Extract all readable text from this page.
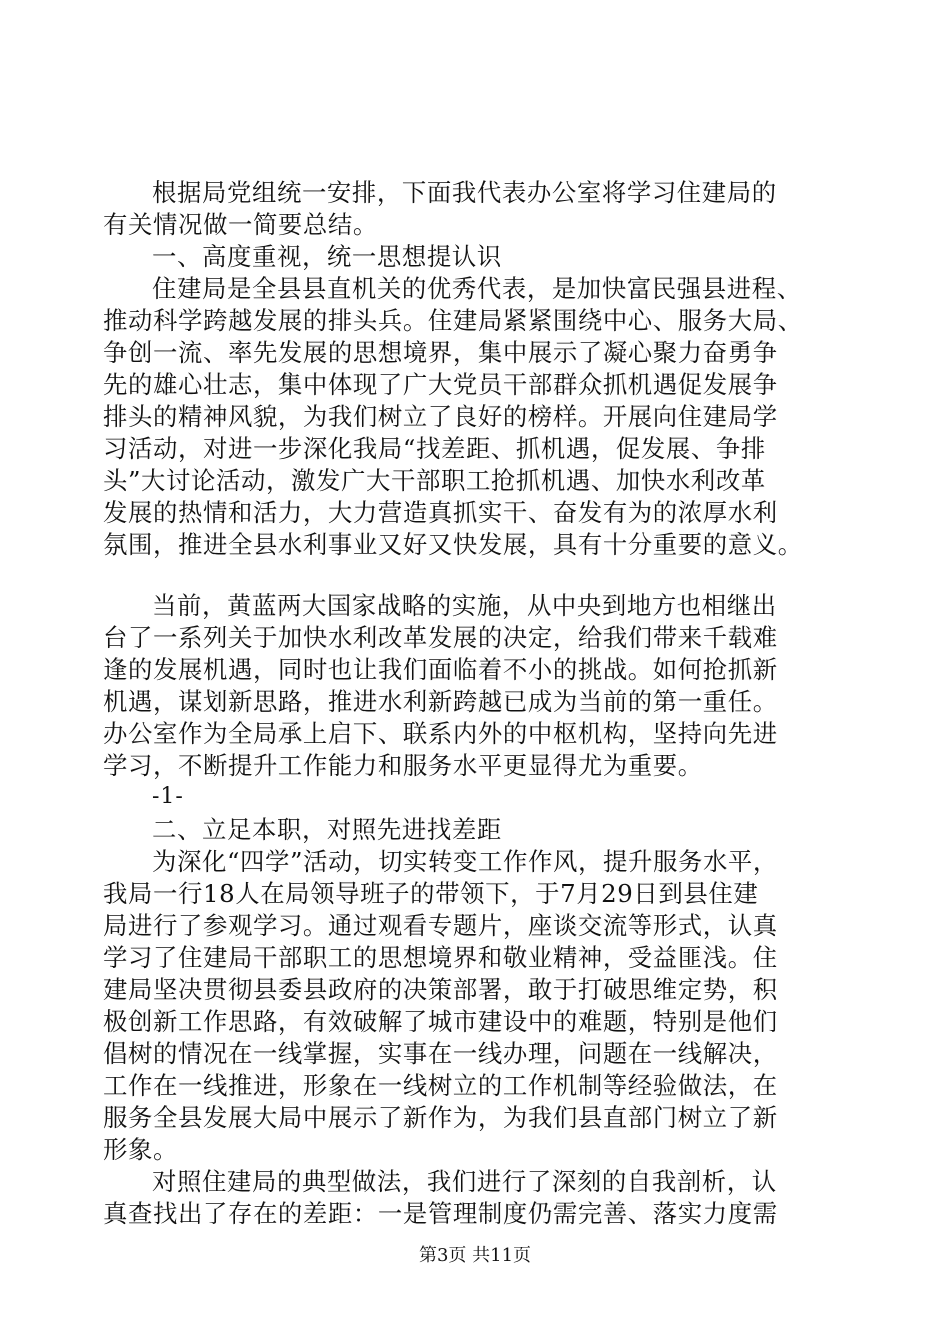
根据局党组统一安排，下面我代表办公室将学习住建局的
有关情况做一简要总结。
一、高度重视，统一思想提认识
住建局是全县县直机关的优秀代表，是加快富民强县进程、
推动科学跨越发展的排头兵。住建局紧紧围绕中心、服务大局、
争创一流、率先发展的思想境界，集中展示了凝心聚力奋勇争
先的雄心壮志，集中体现了广大党员干部群众抓机遇促发展争
排头的精神风貌，为我们树立了良好的榜样。开展向住建局学
习活动，对进一步深化我局“找差距、抓机遇，促发展、争排
头”大讨论活动，激发广大干部职工抢抓机遇、加快水利改革
发展的热情和活力，大力营造真抓实干、奋发有为的浓厚水利
氛围，推进全县水利事业又好又快发展，具有十分重要的意义。
当前，黄蓝两大国家战略的实施，从中央到地方也相继出
台了一系列关于加快水利改革发展的决定，给我们带来千载难
逢的发展机遇，同时也让我们面临着不小的挑战。如何抢抓新
机遇，谋划新思路，推进水利新跨越已成为当前的第一重任。
办公室作为全局承上启下、联系内外的中枢机构，坚持向先进
学习，不断提升工作能力和服务水平更显得尤为重要。
-1-
二、立足本职，对照先进找差距
为深化“四学”活动，切实转变工作作风，提升服务水平，
我局一行18人在局领导班子的带领下，于7月29日到县住建
局进行了参观学习。通过观看专题片，座谈交流等形式，认真
学习了住建局干部职工的思想境界和敬业精神，受益匪浅。住
建局坚决贯彻县委县政府的决策部署，敢于打破思维定势，积
极创新工作思路，有效破解了城市建设中的难题，特别是他们
倡树的情况在一线掌握，实事在一线办理，问题在一线解决，
工作在一线推进，形象在一线树立的工作机制等经验做法，在
服务全县发展大局中展示了新作为，为我们县直部门树立了新
形象。
对照住建局的典型做法，我们进行了深刻的自我剖析，认
真查找出了存在的差距：一是管理制度仍需完善、落实力度需
第3页 共11页
